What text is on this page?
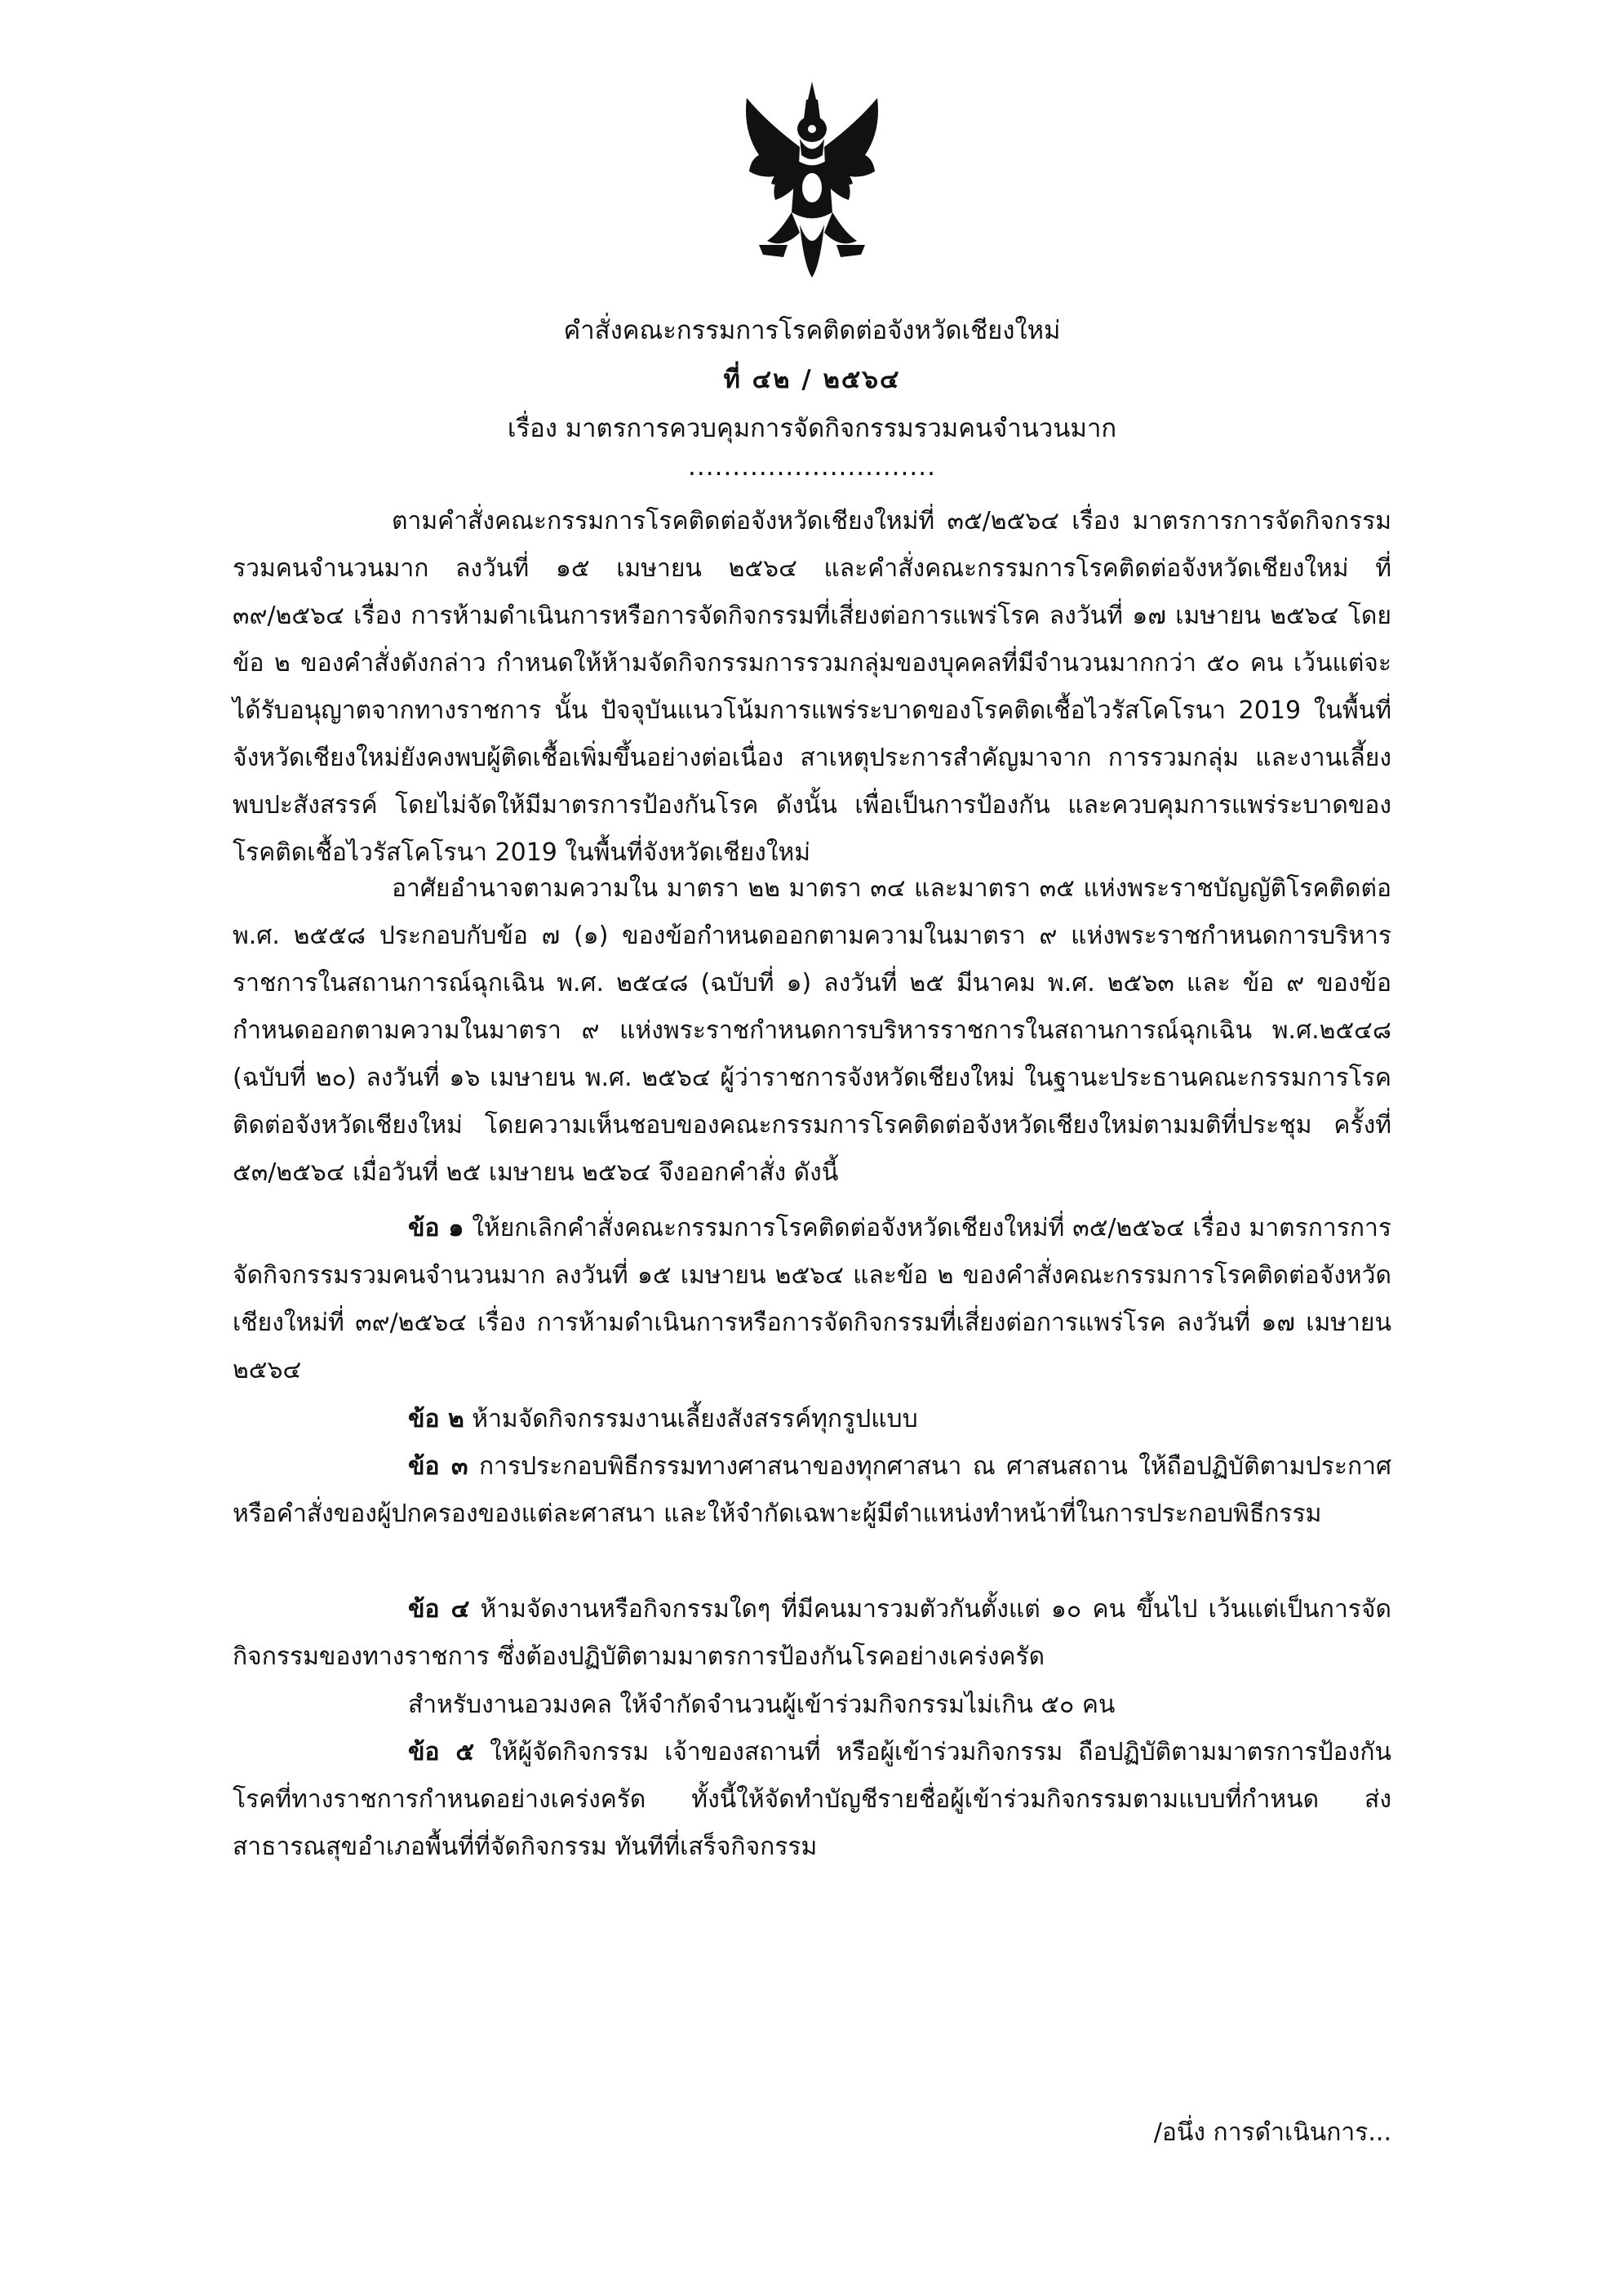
คำสั่งคณะกรรมการโรคติดต่อจังหวัดเชียงใหม่
ที่ ๔๒ / ๒๕๖๔
เรื่อง มาตรการควบคุมการจัดกิจกรรมรวมคนจำนวนมาก
............................
ตามคำสั่งคณะกรรมการโรคติดต่อจังหวัดเชียงใหม่ที่ ๓๕/๒๕๖๔ เรื่อง มาตรการการจัดกิจกรรมรวมคนจำนวนมาก ลงวันที่ ๑๕ เมษายน ๒๕๖๔ และคำสั่งคณะกรรมการโรคติดต่อจังหวัดเชียงใหม่ ที่ ๓๙/๒๕๖๔ เรื่อง การห้ามดำเนินการหรือการจัดกิจกรรมที่เสี่ยงต่อการแพร่โรค ลงวันที่ ๑๗ เมษายน ๒๕๖๔ โดยข้อ ๒ ของคำสั่งดังกล่าว กำหนดให้ห้ามจัดกิจกรรมการรวมกลุ่มของบุคคลที่มีจำนวนมากกว่า ๕๐ คน เว้นแต่จะได้รับอนุญาตจากทางราชการ นั้น ปัจจุบันแนวโน้มการแพร่ระบาดของโรคติดเชื้อไวรัสโคโรนา 2019 ในพื้นที่จังหวัดเชียงใหม่ยังคงพบผู้ติดเชื้อเพิ่มขึ้นอย่างต่อเนื่อง สาเหตุประการสำคัญมาจาก การรวมกลุ่ม และงานเลี้ยงพบปะสังสรรค์ โดยไม่จัดให้มีมาตรการป้องกันโรค ดังนั้น เพื่อเป็นการป้องกัน และควบคุมการแพร่ระบาดของโรคติดเชื้อไวรัสโคโรนา 2019 ในพื้นที่จังหวัดเชียงใหม่
อาศัยอำนาจตามความใน มาตรา ๒๒ มาตรา ๓๔ และมาตรา ๓๕ แห่งพระราชบัญญัติโรคติดต่อ พ.ศ. ๒๕๕๘ ประกอบกับข้อ ๗ (๑) ของข้อกำหนดออกตามความในมาตรา ๙ แห่งพระราชกำหนดการบริหารราชการในสถานการณ์ฉุกเฉิน พ.ศ. ๒๕๔๘ (ฉบับที่ ๑) ลงวันที่ ๒๕ มีนาคม พ.ศ. ๒๕๖๓ และ ข้อ ๙ ของข้อกำหนดออกตามความในมาตรา ๙ แห่งพระราชกำหนดการบริหารราชการในสถานการณ์ฉุกเฉิน พ.ศ.๒๕๔๘ (ฉบับที่ ๒๐) ลงวันที่ ๑๖ เมษายน พ.ศ. ๒๕๖๔ ผู้ว่าราชการจังหวัดเชียงใหม่ ในฐานะประธานคณะกรรมการโรคติดต่อจังหวัดเชียงใหม่ โดยความเห็นชอบของคณะกรรมการโรคติดต่อจังหวัดเชียงใหม่ตามมติที่ประชุม ครั้งที่ ๕๓/๒๕๖๔ เมื่อวันที่ ๒๕ เมษายน ๒๕๖๔ จึงออกคำสั่ง ดังนี้
ข้อ ๑ ให้ยกเลิกคำสั่งคณะกรรมการโรคติดต่อจังหวัดเชียงใหม่ที่ ๓๕/๒๕๖๔ เรื่อง มาตรการการจัดกิจกรรมรวมคนจำนวนมาก ลงวันที่ ๑๕ เมษายน ๒๕๖๔ และข้อ ๒ ของคำสั่งคณะกรรมการโรคติดต่อจังหวัดเชียงใหม่ที่ ๓๙/๒๕๖๔ เรื่อง การห้ามดำเนินการหรือการจัดกิจกรรมที่เสี่ยงต่อการแพร่โรค ลงวันที่ ๑๗ เมษายน ๒๕๖๔
ข้อ ๒ ห้ามจัดกิจกรรมงานเลี้ยงสังสรรค์ทุกรูปแบบ
ข้อ ๓ การประกอบพิธีกรรมทางศาสนาของทุกศาสนา ณ ศาสนสถาน ให้ถือปฏิบัติตามประกาศหรือคำสั่งของผู้ปกครองของแต่ละศาสนา และให้จำกัดเฉพาะผู้มีตำแหน่งทำหน้าที่ในการประกอบพิธีกรรม
ข้อ ๔ ห้ามจัดงานหรือกิจกรรมใดๆ ที่มีคนมารวมตัวกันตั้งแต่ ๑๐ คน ขึ้นไป เว้นแต่เป็นการจัดกิจกรรมของทางราชการ ซึ่งต้องปฏิบัติตามมาตรการป้องกันโรคอย่างเคร่งครัด
สำหรับงานอวมงคล ให้จำกัดจำนวนผู้เข้าร่วมกิจกรรมไม่เกิน ๕๐ คน
ข้อ ๕ ให้ผู้จัดกิจกรรม เจ้าของสถานที่ หรือผู้เข้าร่วมกิจกรรม ถือปฏิบัติตามมาตรการป้องกันโรคที่ทางราชการกำหนดอย่างเคร่งครัด ทั้งนี้ให้จัดทำบัญชีรายชื่อผู้เข้าร่วมกิจกรรมตามแบบที่กำหนด ส่งสาธารณสุขอำเภอพื้นที่ที่จัดกิจกรรม ทันทีที่เสร็จกิจกรรม
/อนึ่ง การดำเนินการ...
